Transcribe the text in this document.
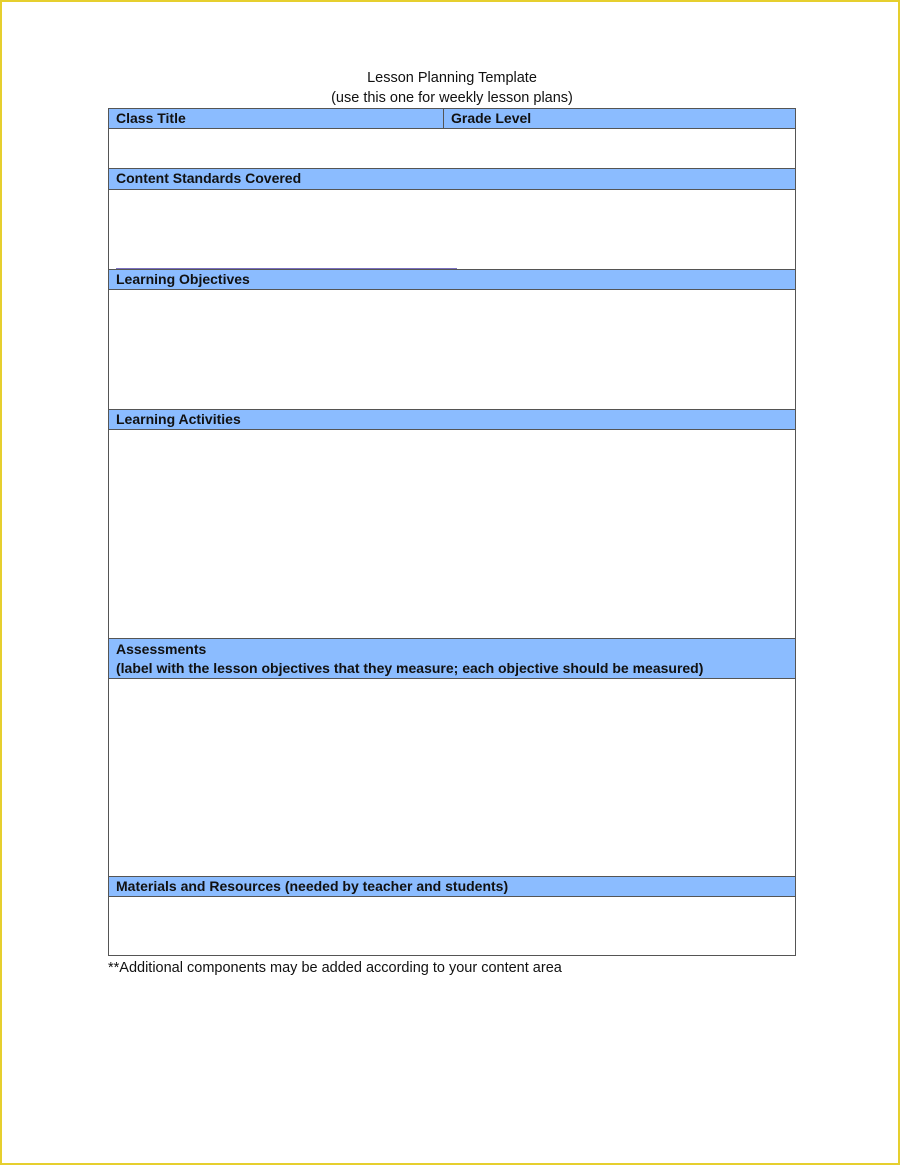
Lesson Planning Template
(use this one for weekly lesson plans)
Class Title	Grade Level
Content Standards Covered
Learning Objectives
Learning Activities
Assessments
(label with the lesson objectives that they measure; each objective should be measured)
Materials and Resources (needed by teacher and students)
**Additional components may be added according to your content area
